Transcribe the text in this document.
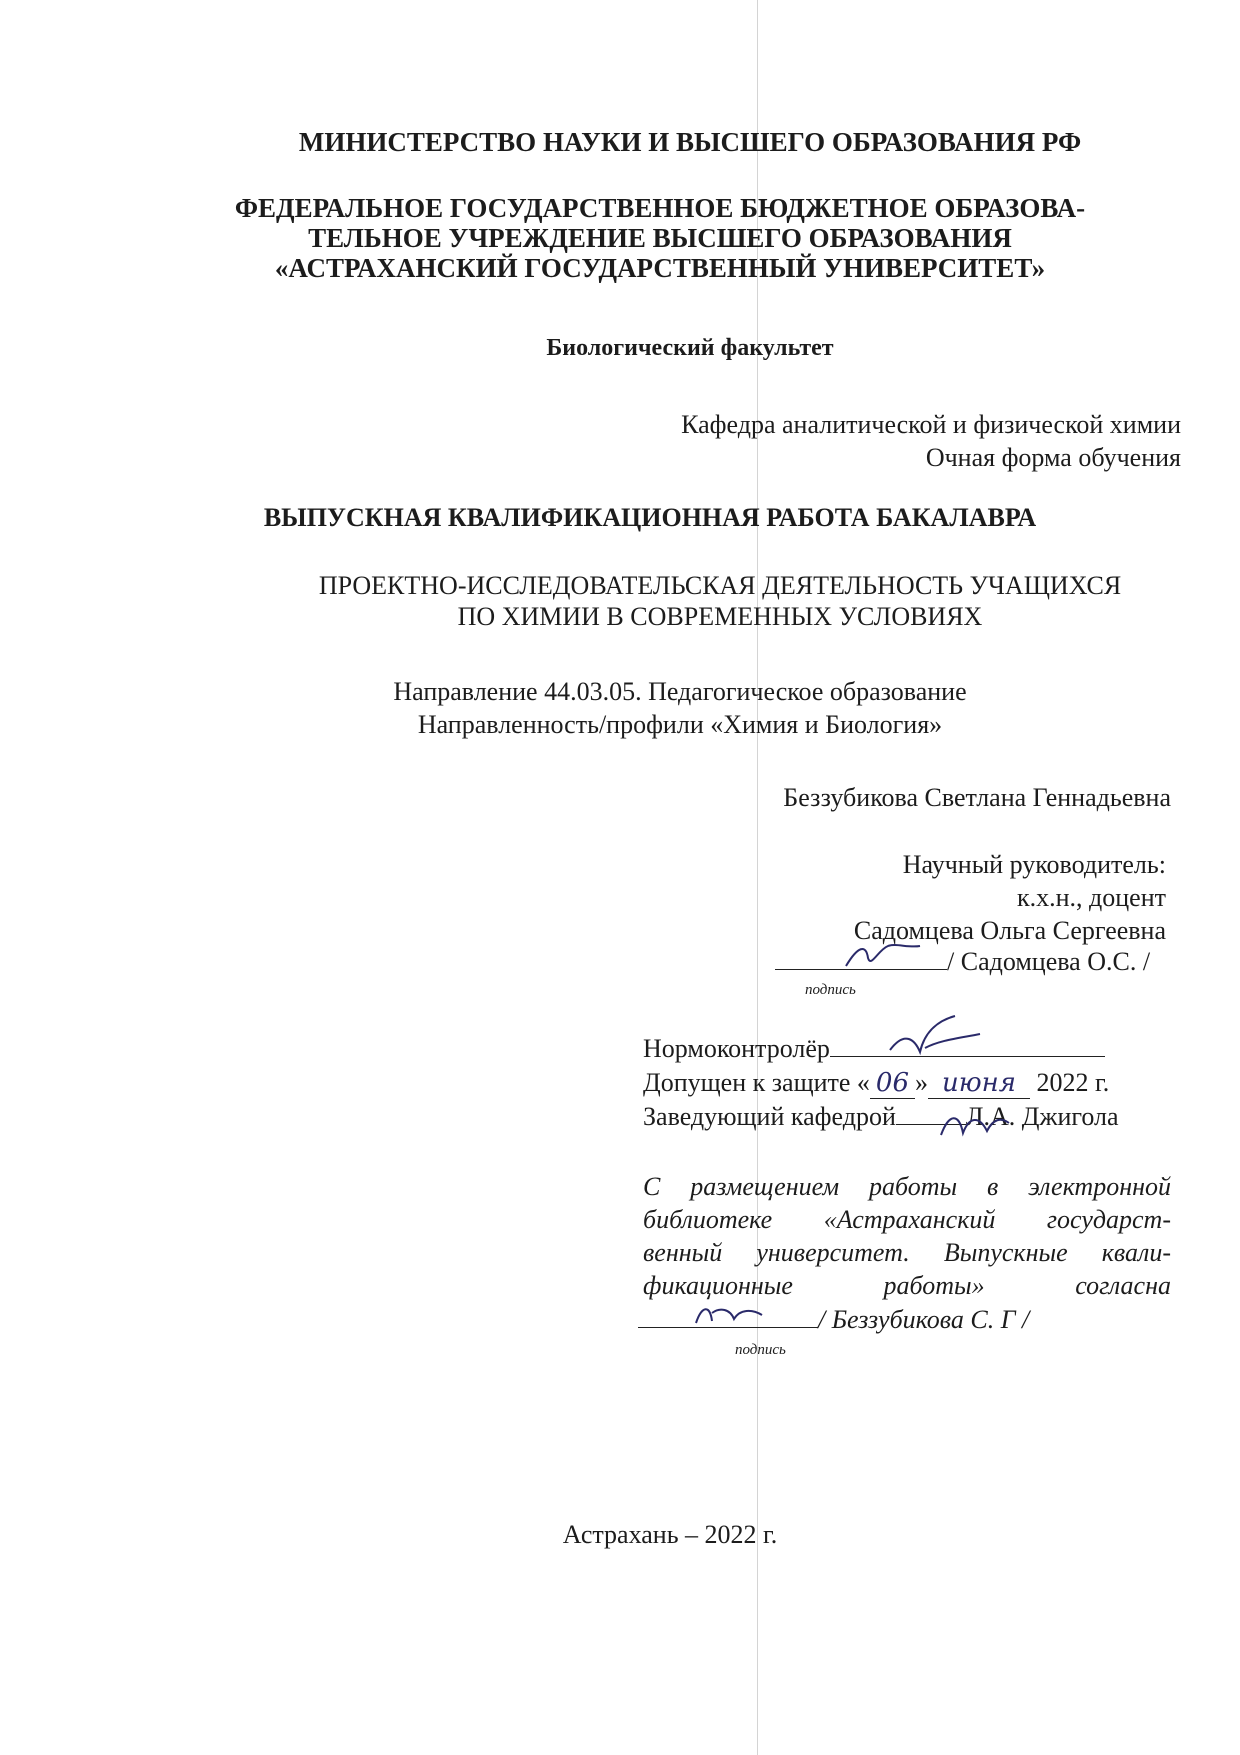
МИНИСТЕРСТВО НАУКИ И ВЫСШЕГО ОБРАЗОВАНИЯ РФ
ФЕДЕРАЛЬНОЕ ГОСУДАРСТВЕННОЕ БЮДЖЕТНОЕ ОБРАЗОВА-
ТЕЛЬНОЕ УЧРЕЖДЕНИЕ ВЫСШЕГО ОБРАЗОВАНИЯ
«АСТРАХАНСКИЙ ГОСУДАРСТВЕННЫЙ УНИВЕРСИТЕТ»
Биологический факультет
Кафедра аналитической и физической химии
Очная форма обучения
ВЫПУСКНАЯ КВАЛИФИКАЦИОННАЯ РАБОТА БАКАЛАВРА
ПРОЕКТНО-ИССЛЕДОВАТЕЛЬСКАЯ ДЕЯТЕЛЬНОСТЬ УЧАЩИХСЯ
ПО ХИМИИ В СОВРЕМЕННЫХ УСЛОВИЯХ
Направление 44.03.05. Педагогическое образование
Направленность/профили «Химия и Биология»
Беззубикова Светлана Геннадьевна
Научный руководитель:
к.х.н., доцент
Садомцева Ольга Сергеевна
/ Садомцева О.С. /
подпись
Нормоконтролёр
Допущен к защите « 06 » июня 2022 г.
Заведующий кафедрой	Л.А. Джигола
С размещением работы в электронной
библиотеке «Астраханский государст-
венный университет. Выпускные квали-
фикационные работы» согласна
/ Беззубикова С. Г /
подпись
Астрахань – 2022 г.
